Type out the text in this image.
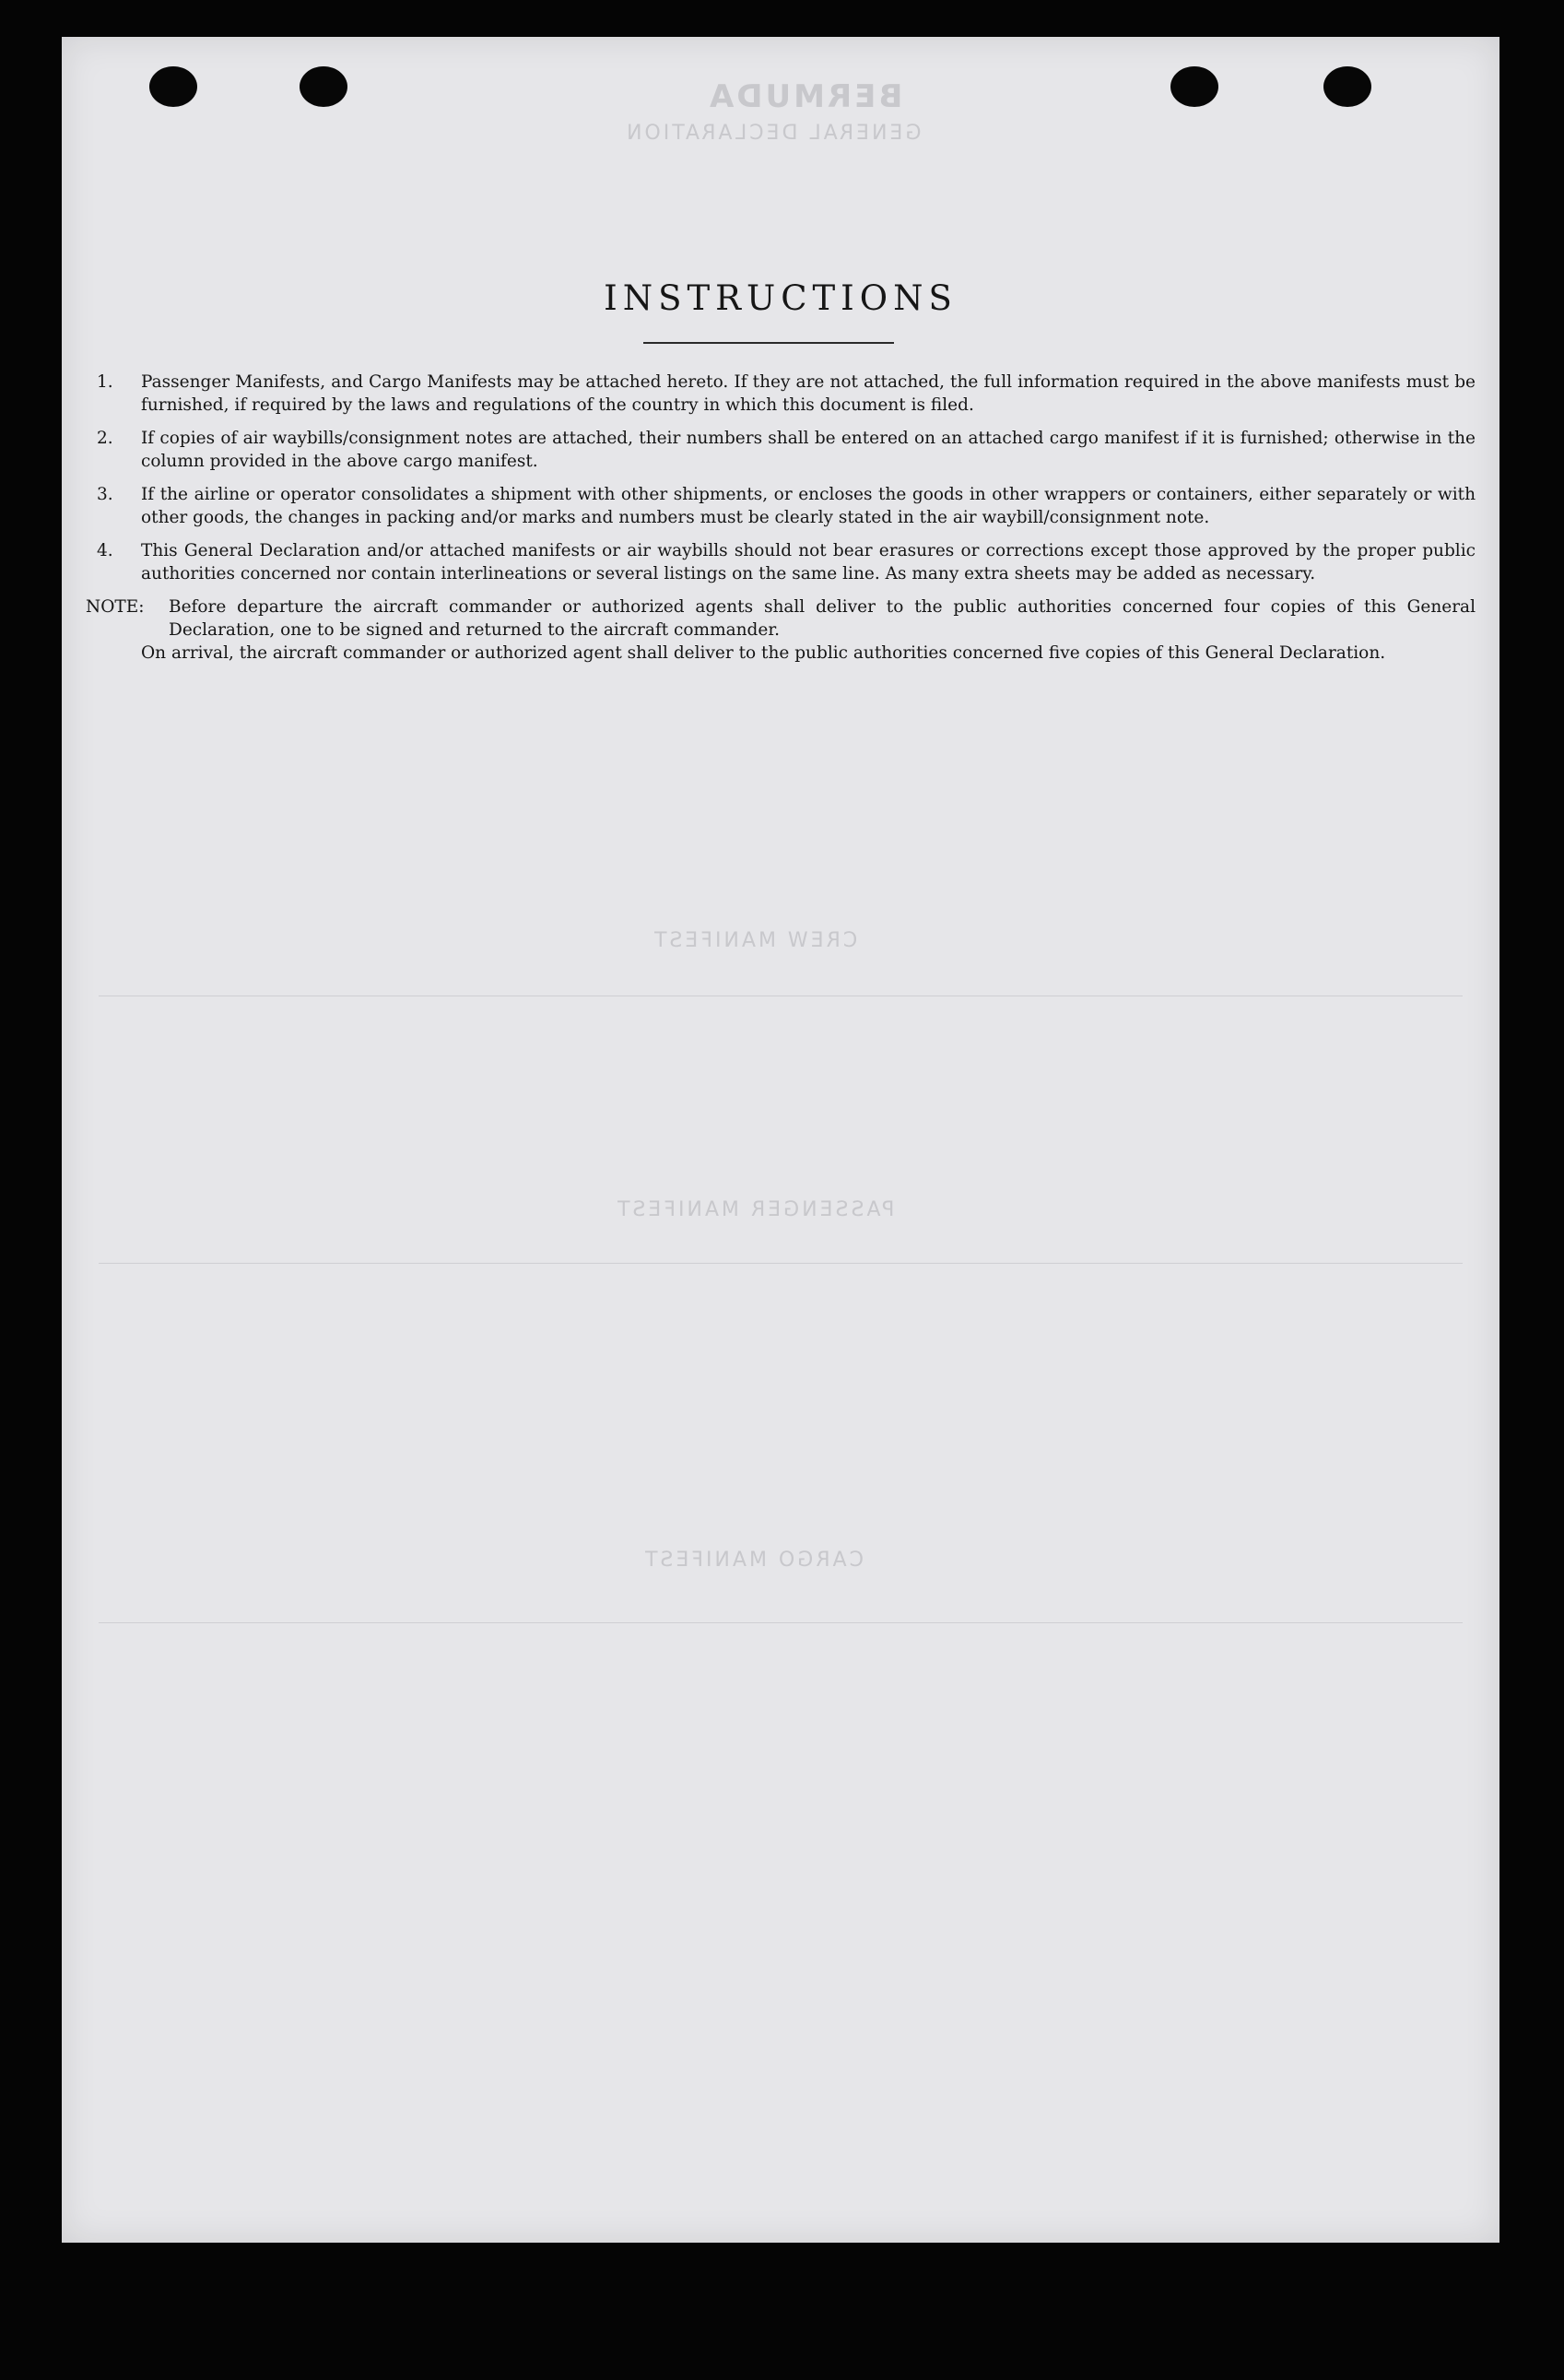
BERMUDA
GENERAL DECLARATION
CREW MANIFEST
PASSENGER MANIFEST
CARGO MANIFEST
INSTRUCTIONS
1.	Passenger Manifests, and Cargo Manifests may be attached hereto. If they are not attached, the full information required in the above manifests must be furnished, if required by the laws and regulations of the country in which this document is filed.
2.	If copies of air waybills/consignment notes are attached, their numbers shall be entered on an attached cargo manifest if it is furnished; otherwise in the column provided in the above cargo manifest.
3.	If the airline or operator consolidates a shipment with other shipments, or encloses the goods in other wrappers or containers, either separately or with other goods, the changes in packing and/or marks and numbers must be clearly stated in the air waybill/consignment note.
4.	This General Declaration and/or attached manifests or air waybills should not bear erasures or corrections except those approved by the proper public authorities concerned nor contain interlineations or several listings on the same line. As many extra sheets may be added as necessary.
NOTE:	Before departure the aircraft commander or authorized agents shall deliver to the public authorities concerned four copies of this General Declaration, one to be signed and returned to the aircraft commander.
On arrival, the aircraft commander or authorized agent shall deliver to the public authorities concerned five copies of this General Declaration.
